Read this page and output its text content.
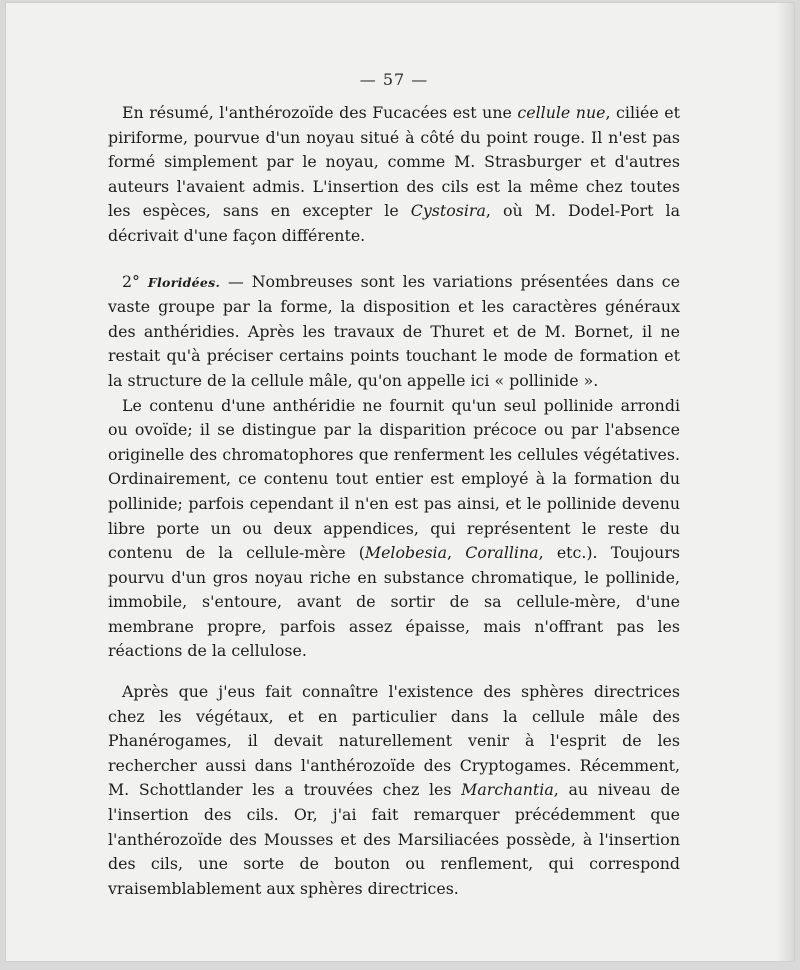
— 57 —

En résumé, l'anthérozoïde des Fucacées est une cellule nue, ciliée et piriforme, pourvue d'un noyau situé à côté du point rouge. Il n'est pas formé simplement par le noyau, comme M. Strasburger et d'autres auteurs l'avaient admis. L'insertion des cils est la même chez toutes les espèces, sans en excepter le Cystosira, où M. Dodel-Port la décrivait d'une façon différente.

2° Floridées. — Nombreuses sont les variations présentées dans ce vaste groupe par la forme, la disposition et les caractères généraux des anthéridies. Après les travaux de Thuret et de M. Bornet, il ne restait qu'à préciser certains points touchant le mode de formation et la structure de la cellule mâle, qu'on appelle ici « pollinide ».

Le contenu d'une anthéridie ne fournit qu'un seul pollinide arrondi ou ovoïde; il se distingue par la disparition précoce ou par l'absence originelle des chromatophores que renferment les cellules végétatives. Ordinairement, ce contenu tout entier est employé à la formation du pollinide; parfois cependant il n'en est pas ainsi, et le pollinide devenu libre porte un ou deux appendices, qui représentent le reste du contenu de la cellule-mère (Melobesia, Corallina, etc.). Toujours pourvu d'un gros noyau riche en substance chromatique, le pollinide, immobile, s'entoure, avant de sortir de sa cellule-mère, d'une membrane propre, parfois assez épaisse, mais n'offrant pas les réactions de la cellulose.

Après que j'eus fait connaître l'existence des sphères directrices chez les végétaux, et en particulier dans la cellule mâle des Phanérogames, il devait naturellement venir à l'esprit de les rechercher aussi dans l'anthérozoïde des Cryptogames. Récemment, M. Schottlander les a trouvées chez les Marchantia, au niveau de l'insertion des cils. Or, j'ai fait remarquer précédemment que l'anthérozoïde des Mousses et des Marsiliacées possède, à l'insertion des cils, une sorte de bouton ou renflement, qui correspond vraisemblablement aux sphères directrices.
